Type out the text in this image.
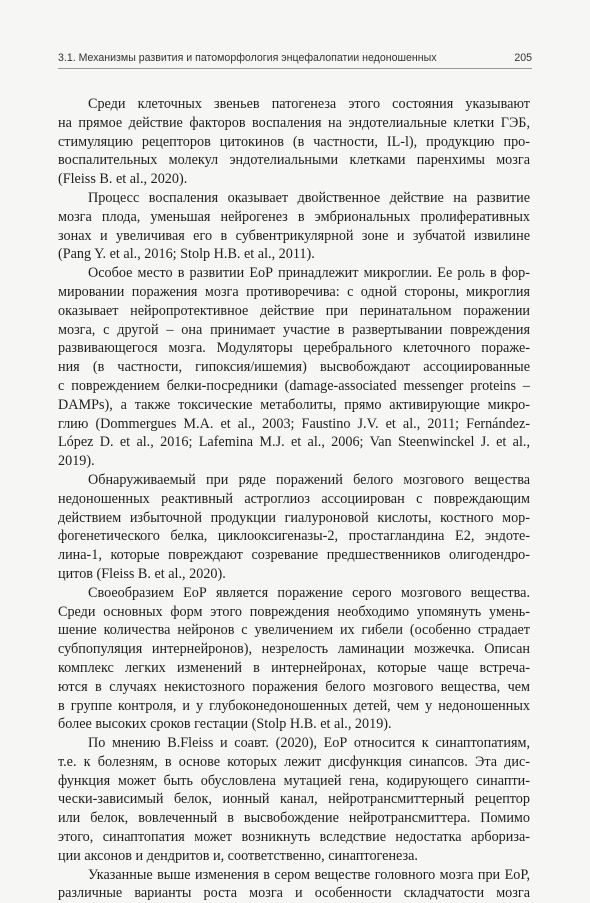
3.1. Механизмы развития и патоморфология энцефалопатии недоношенных	205
Среди клеточных звеньев патогенеза этого состояния указывают
на прямое действие факторов воспаления на эндотелиальные клетки ГЭБ,
стимуляцию рецепторов цитокинов (в частности, IL-l), продукцию про-
воспалительных молекул эндотелиальными клетками паренхимы мозга
(Fleiss B. et al., 2020).
Процесс воспаления оказывает двойственное действие на развитие
мозга плода, уменьшая нейрогенез в эмбриональных пролиферативных
зонах и увеличивая его в субвентрикулярной зоне и зубчатой извилине
(Pang Y. et al., 2016; Stolp H.B. et al., 2011).
Особое место в развитии ЕоР принадлежит микроглии. Ее роль в фор-
мировании поражения мозга противоречива: с одной стороны, микроглия
оказывает нейропротективное действие при перинатальном поражении
мозга, с другой – она принимает участие в развертывании повреждения
развивающегося мозга. Модуляторы церебрального клеточного пораже-
ния (в частности, гипоксия/ишемия) высвобождают ассоциированные
с повреждением белки-посредники (damage-associated messenger proteins –
DAMPs), а также токсические метаболиты, прямо активирующие микро-
глию (Dommergues M.A. et al., 2003; Faustino J.V. et al., 2011; Fernández-
López D. et al., 2016; Lafemina M.J. et al., 2006; Van Steenwinckel J. et al.,
2019).
Обнаруживаемый при ряде поражений белого мозгового вещества
недоношенных реактивный астроглиоз ассоциирован с повреждающим
действием избыточной продукции гиалуроновой кислоты, костного мор-
фогенетического белка, циклооксигеназы-2, простагландина Е2, эндоте-
лина-1, которые повреждают созревание предшественников олигодендро-
цитов (Fleiss B. et al., 2020).
Своеобразием ЕоР является поражение серого мозгового вещества.
Среди основных форм этого повреждения необходимо упомянуть умень-
шение количества нейронов с увеличением их гибели (особенно страдает
субпопуляция интернейронов), незрелость ламинации мозжечка. Описан
комплекс легких изменений в интернейронах, которые чаще встреча-
ются в случаях некистозного поражения белого мозгового вещества, чем
в группе контроля, и у глубоконедоношенных детей, чем у недоношенных
более высоких сроков гестации (Stolp H.B. et al., 2019).
По мнению B.Fleiss и соавт. (2020), ЕоР относится к синаптопатиям,
т.е. к болезням, в основе которых лежит дисфункция синапсов. Эта дис-
функция может быть обусловлена мутацией гена, кодирующего синапти-
чески-зависимый белок, ионный канал, нейротрансмиттерный рецептор
или белок, вовлеченный в высвобождение нейротрансмиттера. Помимо
этого, синаптопатия может возникнуть вследствие недостатка арбориза-
ции аксонов и дендритов и, соответственно, синаптогенеза.
Указанные выше изменения в сером веществе головного мозга при ЕоР,
различные варианты роста мозга и особенности складчатости мозга
